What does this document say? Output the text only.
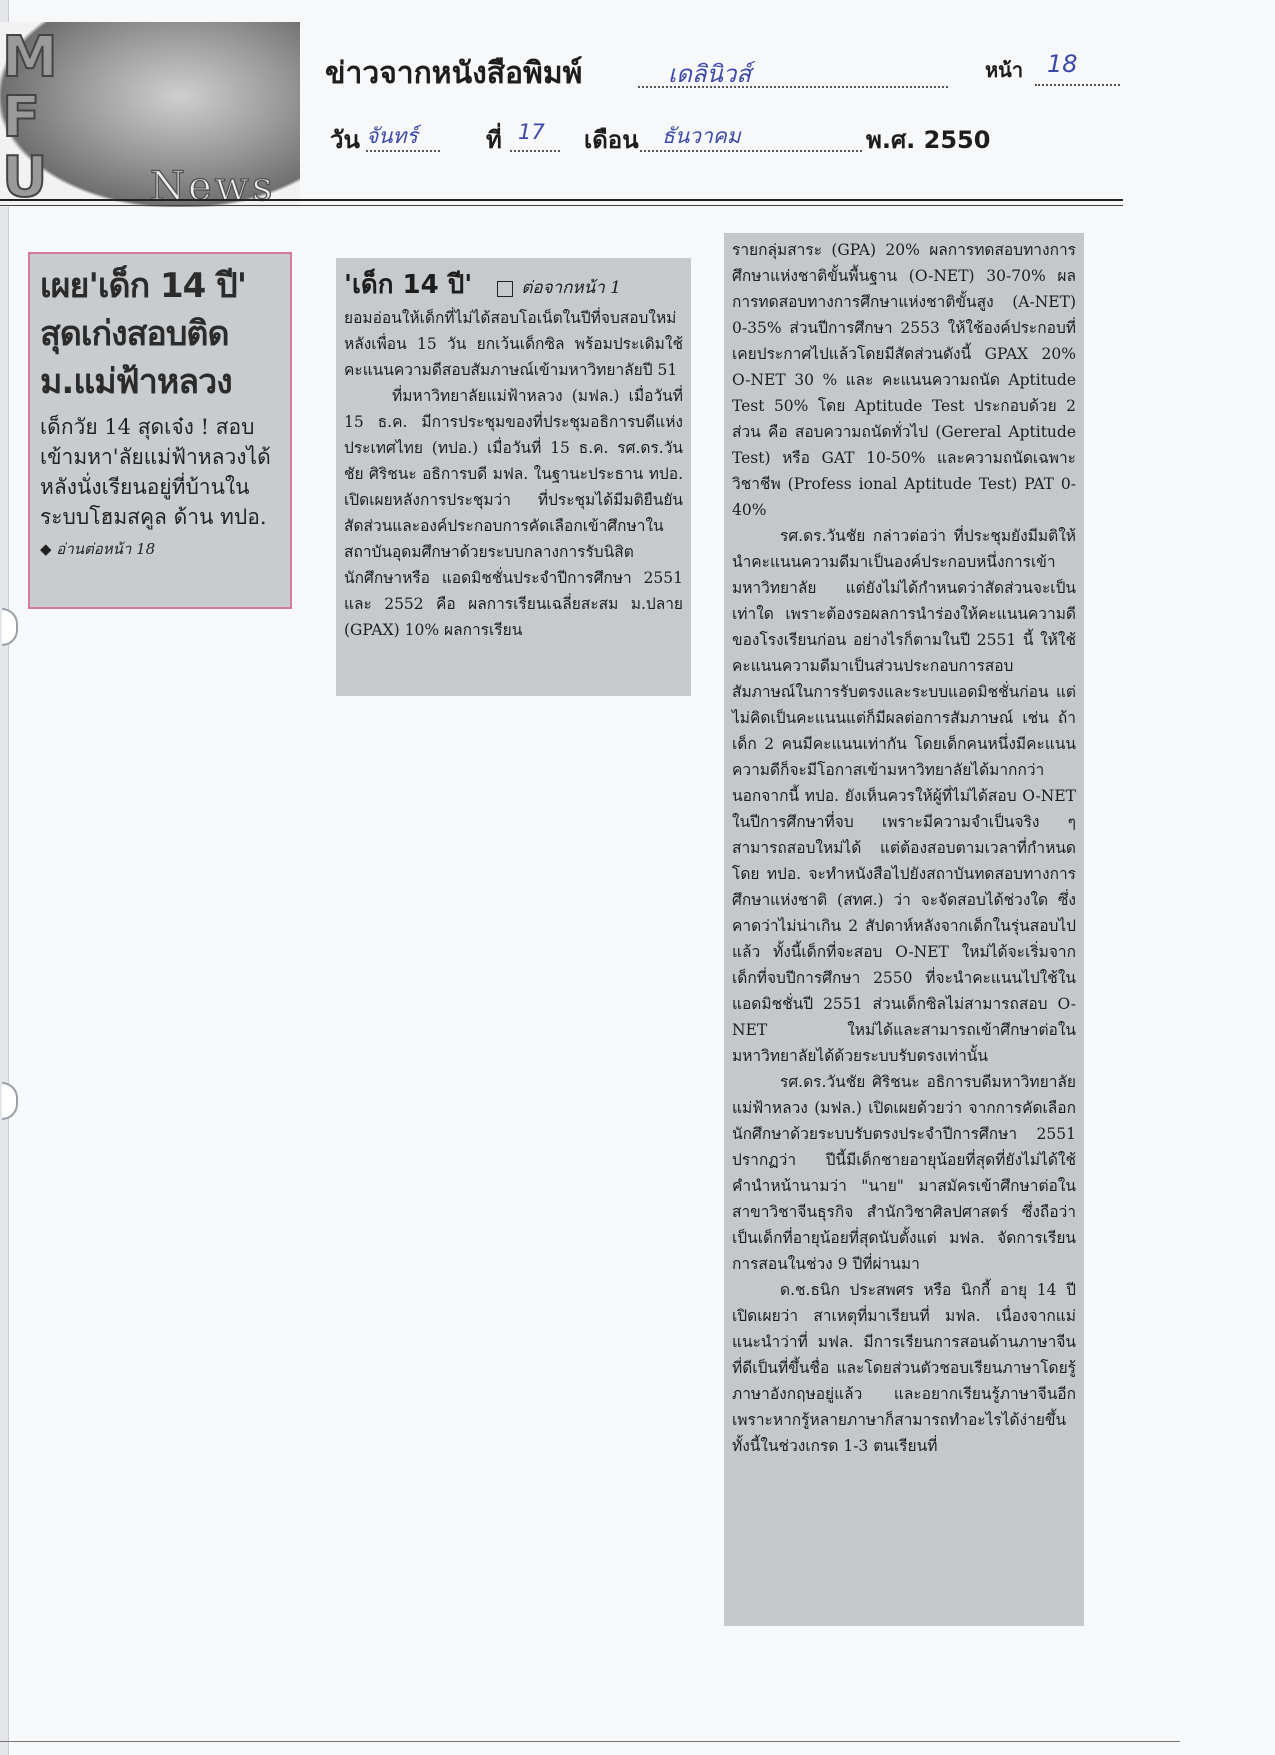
M
F
U	News
ข่าวจากหนังสือพิมพ์	เดลินิวส์	หน้า 18
วัน จันทร์	ที่ 17	เดือน	ธันวาคม	พ.ศ. 2550
เผย'เด็ก 14 ปี'
สุดเก่งสอบติด
ม.แม่ฟ้าหลวง
เด็กวัย 14 สุดเจ๋ง ! สอบเข้ามหา'ลัยแม่ฟ้าหลวงได้หลังนั่งเรียนอยู่ที่บ้านในระบบโฮมสคูล ด้าน ทปอ. ◆ อ่านต่อหน้า 18
'เด็ก 14 ปี'	ต่อจากหน้า 1

ยอมอ่อนให้เด็กที่ไม่ได้สอบโอเน็ตในปีที่จบสอบใหม่หลังเพื่อน 15 วัน ยกเว้นเด็กซิล พร้อมประเดิมใช้คะแนนความดีสอบสัมภาษณ์เข้ามหาวิทยาลัยปี 51

ที่มหาวิทยาลัยแม่ฟ้าหลวง (มฟล.) เมื่อวันที่ 15 ธ.ค. มีการประชุมของที่ประชุมอธิการบดีแห่งประเทศไทย (ทปอ.) เมื่อวันที่ 15 ธ.ค. รศ.ดร.วันชัย ศิริชนะ อธิการบดี มฟล. ในฐานะประธาน ทปอ. เปิดเผยหลังการประชุมว่า ที่ประชุมได้มีมติยืนยันสัดส่วนและองค์ประกอบการคัดเลือกเข้าศึกษาในสถาบันอุดมศึกษาด้วยระบบกลางการรับนิสิตนักศึกษาหรือ แอดมิชชั่นประจำปีการศึกษา 2551 และ 2552 คือ ผลการเรียนเฉลี่ยสะสม ม.ปลาย (GPAX) 10% ผลการเรียน

รายกลุ่มสาระ (GPA) 20% ผลการทดสอบทางการศึกษาแห่งชาติขั้นพื้นฐาน (O-NET) 30-70% ผลการทดสอบทางการศึกษาแห่งชาติขั้นสูง (A-NET) 0-35% ส่วนปีการศึกษา 2553 ให้ใช้องค์ประกอบที่เคยประกาศไปแล้วโดยมีสัดส่วนดังนี้ GPAX 20% O-NET 30 % และ คะแนนความถนัด Aptitude Test 50% โดย Aptitude Test ประกอบด้วย 2 ส่วน คือ สอบความถนัดทั่วไป (Gereral Aptitude Test) หรือ GAT 10-50% และความถนัดเฉพาะวิชาชีพ (Profess ional Aptitude Test) PAT 0-40%

รศ.ดร.วันชัย กล่าวต่อว่า ที่ประชุมยังมีมติให้นำคะแนนความดีมาเป็นองค์ประกอบหนึ่งการเข้ามหาวิทยาลัย แต่ยังไม่ได้กำหนดว่าสัดส่วนจะเป็นเท่าใด เพราะต้องรอผลการนำร่องให้คะแนนความดีของโรงเรียนก่อน อย่างไรก็ตามในปี 2551 นี้ ให้ใช้คะแนนความดีมาเป็นส่วนประกอบการสอบสัมภาษณ์ในการรับตรงและระบบแอดมิชชั่นก่อน แต่ไม่คิดเป็นคะแนนแต่ก็มีผลต่อการสัมภาษณ์ เช่น ถ้าเด็ก 2 คนมีคะแนนเท่ากัน โดยเด็กคนหนึ่งมีคะแนนความดีก็จะมีโอกาสเข้ามหาวิทยาลัยได้มากกว่า นอกจากนี้ ทปอ. ยังเห็นควรให้ผู้ที่ไม่ได้สอบ O-NET ในปีการศึกษาที่จบ เพราะมีความจำเป็นจริง ๆ สามารถสอบใหม่ได้ แต่ต้องสอบตามเวลาที่กำหนด โดย ทปอ. จะทำหนังสือไปยังสถาบันทดสอบทางการศึกษาแห่งชาติ (สทศ.) ว่า จะจัดสอบได้ช่วงใด ซึ่งคาดว่าไม่น่าเกิน 2 สัปดาห์หลังจากเด็กในรุ่นสอบไปแล้ว ทั้งนี้เด็กที่จะสอบ O-NET ใหม่ได้จะเริ่มจากเด็กที่จบปีการศึกษา 2550 ที่จะนำคะแนนไปใช้ในแอดมิชชั่นปี 2551 ส่วนเด็กซิลไม่สามารถสอบ O-NET ใหม่ได้และสามารถเข้าศึกษาต่อในมหาวิทยาลัยได้ด้วยระบบรับตรงเท่านั้น

รศ.ดร.วันชัย ศิริชนะ อธิการบดีมหาวิทยาลัยแม่ฟ้าหลวง (มฟล.) เปิดเผยด้วยว่า จากการคัดเลือกนักศึกษาด้วยระบบรับตรงประจำปีการศึกษา 2551 ปรากฏว่า ปีนี้มีเด็กชายอายุน้อยที่สุดที่ยังไม่ได้ใช้คำนำหน้านามว่า "นาย" มาสมัครเข้าศึกษาต่อในสาขาวิชาจีนธุรกิจ สำนักวิชาศิลปศาสตร์ ซึ่งถือว่าเป็นเด็กที่อายุน้อยที่สุดนับตั้งแต่ มฟล. จัดการเรียนการสอนในช่วง 9 ปีที่ผ่านมา

ด.ช.ธนิก ประสพศร หรือ นิกกี้ อายุ 14 ปี เปิดเผยว่า สาเหตุที่มาเรียนที่ มฟล. เนื่องจากแม่แนะนำว่าที่ มฟล. มีการเรียนการสอนด้านภาษาจีนที่ดีเป็นที่ขึ้นชื่อ และโดยส่วนตัวชอบเรียนภาษาโดยรู้ภาษาอังกฤษอยู่แล้ว และอยากเรียนรู้ภาษาจีนอีก เพราะหากรู้หลายภาษาก็สามารถทำอะไรได้ง่ายขึ้น ทั้งนี้ในช่วงเกรด 1-3 ตนเรียนที่
